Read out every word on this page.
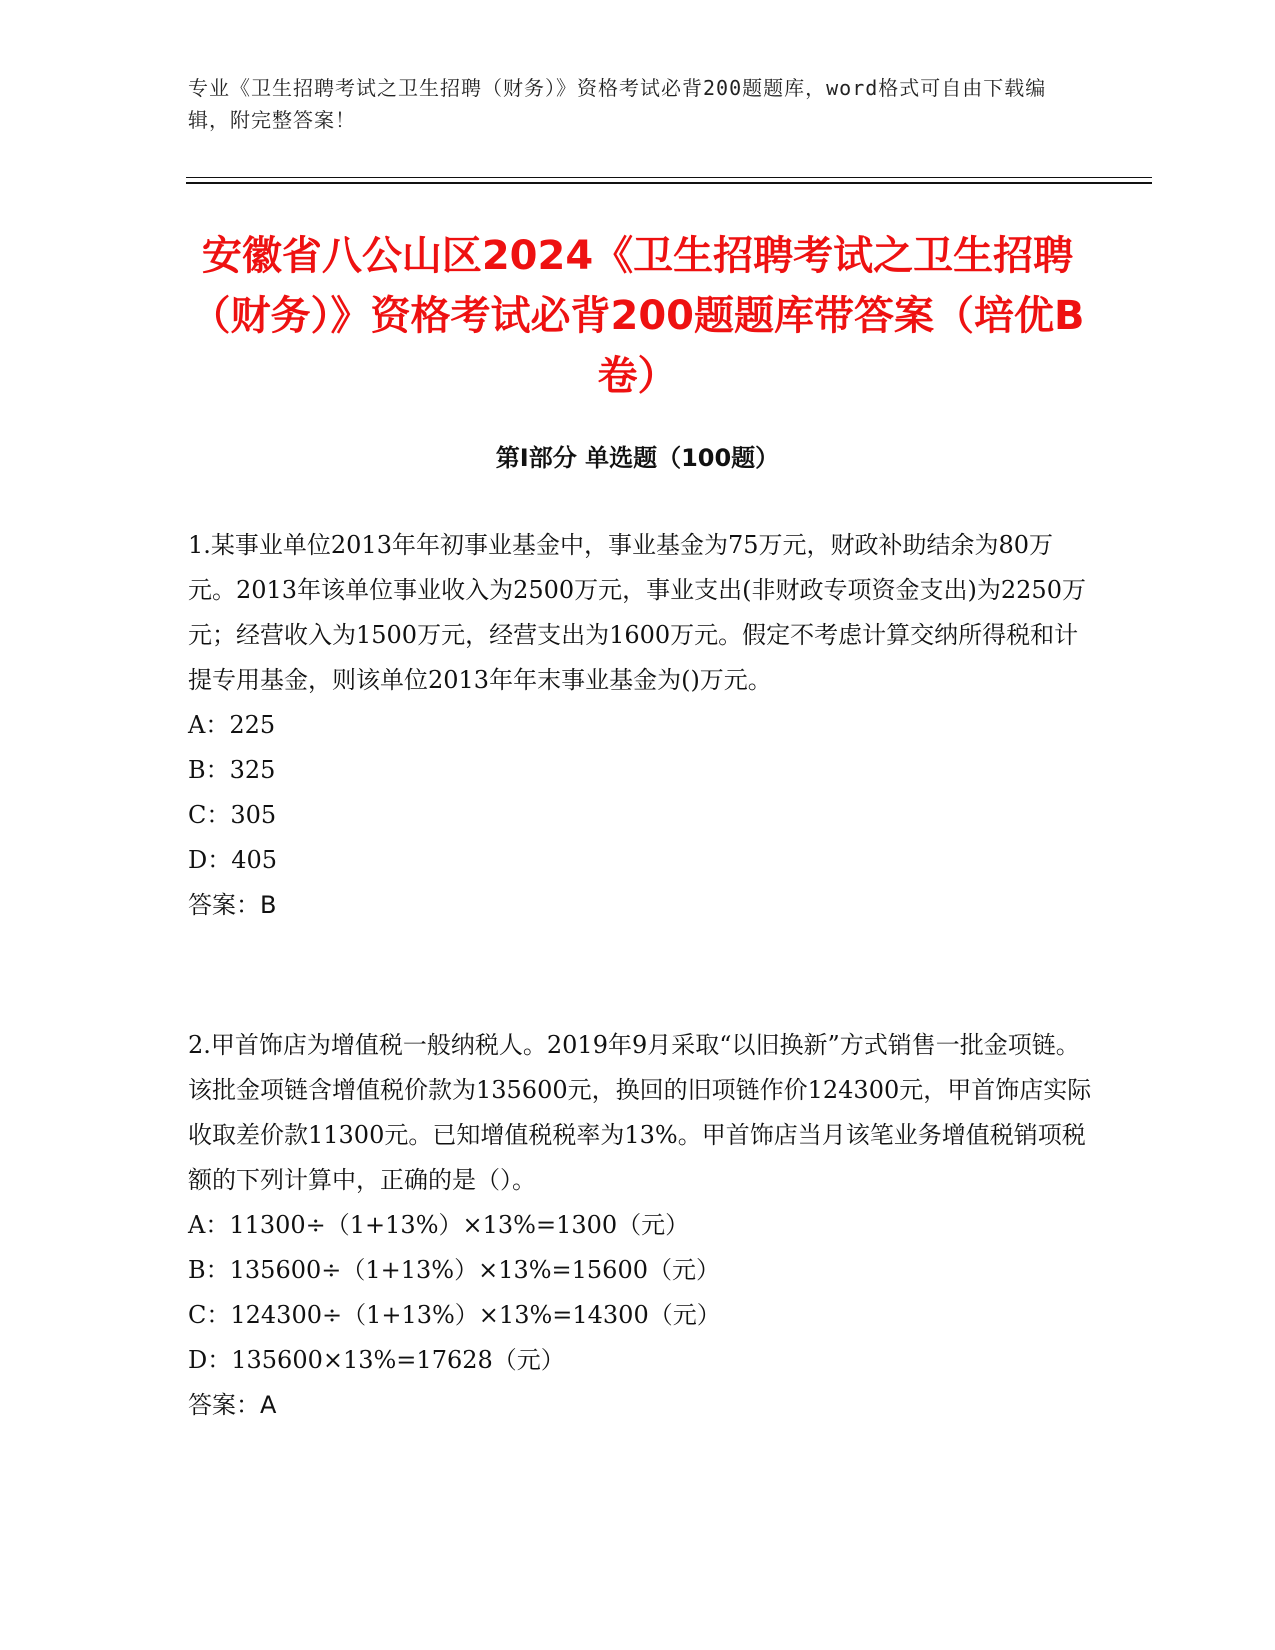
专业《卫生招聘考试之卫生招聘（财务）》资格考试必背200题题库，word格式可自由下载编辑，附完整答案！
安徽省八公山区2024《卫生招聘考试之卫生招聘（财务）》资格考试必背200题题库带答案（培优B卷）
第I部分 单选题（100题）

1.某事业单位2013年年初事业基金中，事业基金为75万元，财政补助结余为80万元。2013年该单位事业收入为2500万元，事业支出(非财政专项资金支出)为2250万元；经营收入为1500万元，经营支出为1600万元。假定不考虑计算交纳所得税和计提专用基金，则该单位2013年年末事业基金为()万元。

A：225

B：325

C：305

D：405

答案：B

2.甲首饰店为增值税一般纳税人。2019年9月采取“以旧换新”方式销售一批金项链。该批金项链含增值税价款为135600元，换回的旧项链作价124300元，甲首饰店实际收取差价款11300元。已知增值税税率为13%。甲首饰店当月该笔业务增值税销项税额的下列计算中，正确的是（）。

A：11300÷（1+13%）×13%=1300（元）

B：135600÷（1+13%）×13%=15600（元）

C：124300÷（1+13%）×13%=14300（元）

D：135600×13%=17628（元）

答案：A
